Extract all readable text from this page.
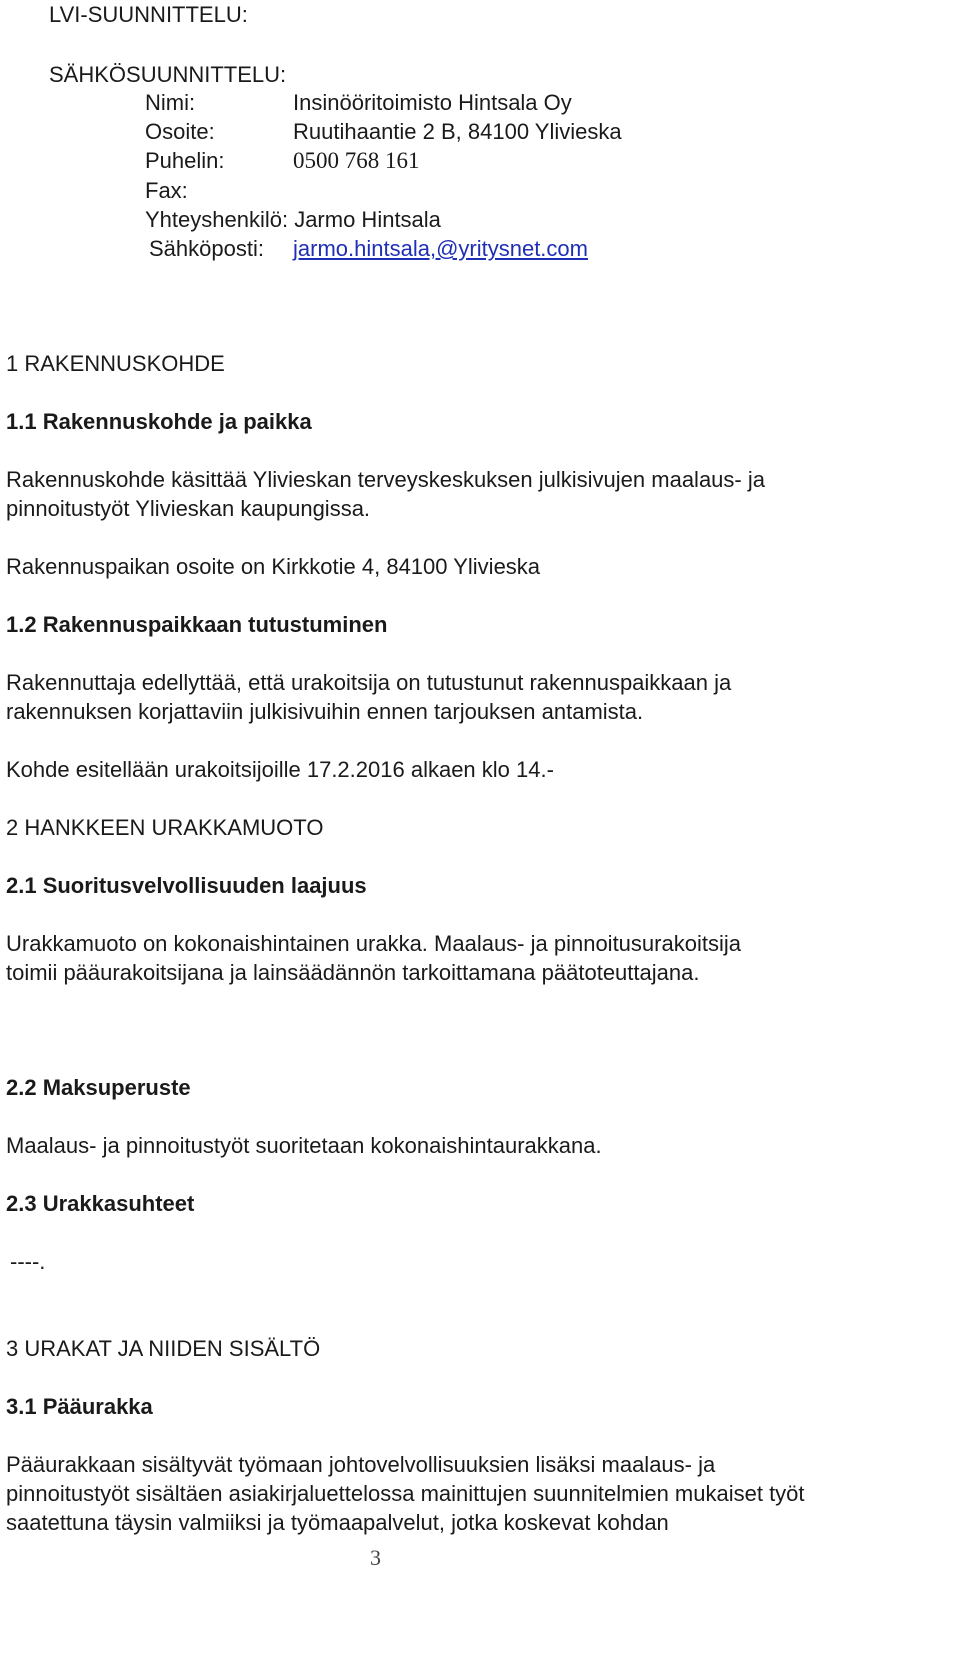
LVI-SUUNNITTELU:
SÄHKÖSUUNNITTELU:
Nimi:	Insinööritoimisto Hintsala Oy
Osoite:	Ruutihaantie 2 B, 84100 Ylivieska
Puhelin:	0500 768 161
Fax:
Yhteyshenkilö: Jarmo Hintsala
Sähköposti: jarmo.hintsala,@yritysnet.com
1 RAKENNUSKOHDE
1.1 Rakennuskohde ja paikka
Rakennuskohde käsittää Ylivieskan terveyskeskuksen julkisivujen maalaus- ja
pinnoitustyöt Ylivieskan kaupungissa.
Rakennuspaikan osoite on Kirkkotie 4, 84100 Ylivieska
1.2 Rakennuspaikkaan tutustuminen
Rakennuttaja edellyttää, että urakoitsija on tutustunut rakennuspaikkaan ja
rakennuksen korjattaviin julkisivuihin ennen tarjouksen antamista.
Kohde esitellään urakoitsijoille 17.2.2016 alkaen klo 14.-
2 HANKKEEN URAKKAMUOTO
2.1 Suoritusvelvollisuuden laajuus
Urakkamuoto on kokonaishintainen urakka. Maalaus- ja pinnoitusurakoitsija
toimii pääurakoitsijana ja lainsäädännön tarkoittamana päätoteuttajana.
2.2 Maksuperuste
Maalaus- ja pinnoitustyöt suoritetaan kokonaishintaurakkana.
2.3 Urakkasuhteet
----.
3 URAKAT JA NIIDEN SISÄLTÖ
3.1 Pääurakka
Pääurakkaan sisältyvät työmaan johtovelvollisuuksien lisäksi maalaus- ja
pinnoitustyöt sisältäen asiakirjaluettelossa mainittujen suunnitelmien mukaiset työt
saatettuna täysin valmiiksi ja työmaapalvelut, jotka koskevat kohdan
3
